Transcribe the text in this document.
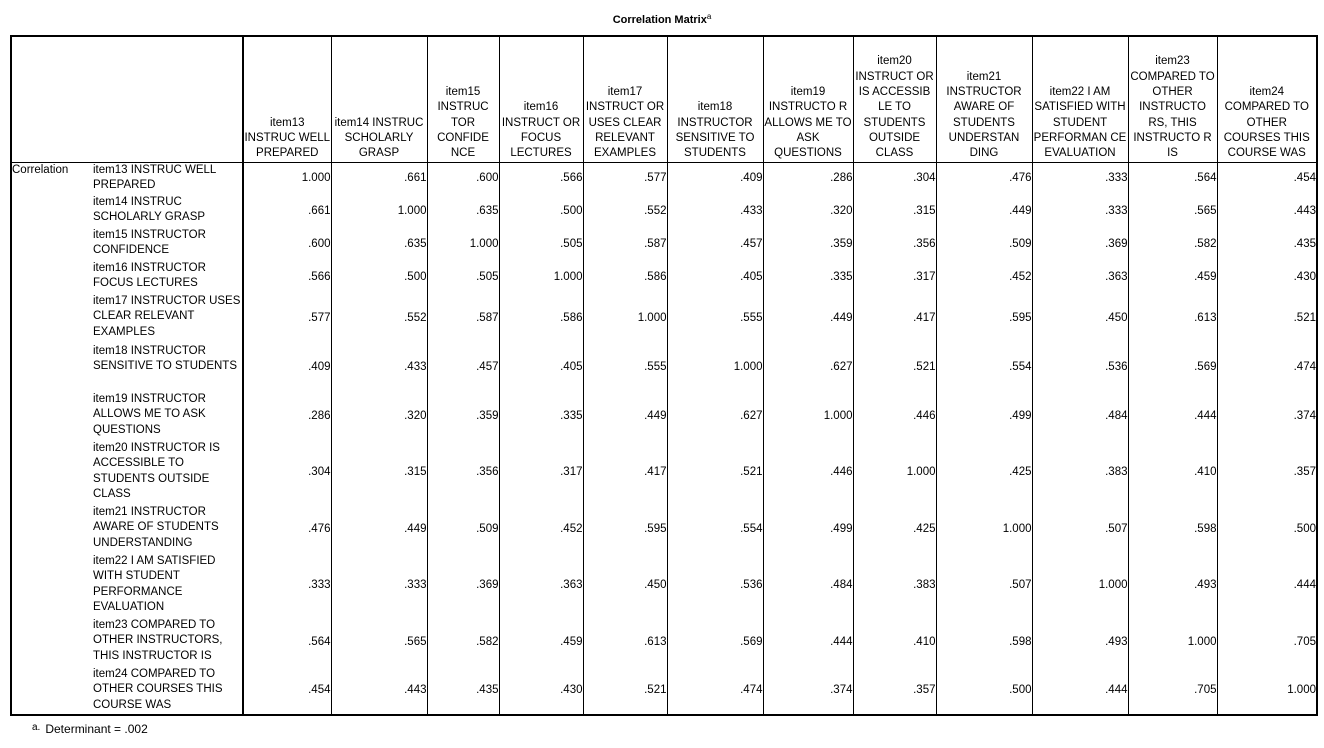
Correlation Matrix$^a$
		item13 INSTRUC WELL PREPARED	item14 INSTRUC SCHOLARLY GRASP	item15 INSTRUC TOR CONFIDE NCE	item16 INSTRUCT OR FOCUS LECTURES	item17 INSTRUCT OR USES CLEAR RELEVANT EXAMPLES	item18 INSTRUCTOR SENSITIVE TO STUDENTS	item19 INSTRUCTO R ALLOWS ME TO ASK QUESTIONS	item20 INSTRUCT OR IS ACCESSIB LE TO STUDENTS OUTSIDE CLASS	item21 INSTRUCTOR AWARE OF STUDENTS UNDERSTAN DING	item22 I AM SATISFIED WITH STUDENT PERFORMAN CE EVALUATION	item23 COMPARED TO OTHER INSTRUCTO RS, THIS INSTRUCTO R IS	item24 COMPARED TO OTHER COURSES THIS COURSE WAS
Correlation	item13 INSTRUC WELL PREPARED	1.000	.661	.600	.566	.577	.409	.286	.304	.476	.333	.564	.454
	item14 INSTRUC SCHOLARLY GRASP	.661	1.000	.635	.500	.552	.433	.320	.315	.449	.333	.565	.443
	item15 INSTRUCTOR CONFIDENCE	.600	.635	1.000	.505	.587	.457	.359	.356	.509	.369	.582	.435
	item16 INSTRUCTOR FOCUS LECTURES	.566	.500	.505	1.000	.586	.405	.335	.317	.452	.363	.459	.430
	item17 INSTRUCTOR USES CLEAR RELEVANT EXAMPLES	.577	.552	.587	.586	1.000	.555	.449	.417	.595	.450	.613	.521
	item18 INSTRUCTOR SENSITIVE TO STUDENTS	.409	.433	.457	.405	.555	1.000	.627	.521	.554	.536	.569	.474
	item19 INSTRUCTOR ALLOWS ME TO ASK QUESTIONS	.286	.320	.359	.335	.449	.627	1.000	.446	.499	.484	.444	.374
	item20 INSTRUCTOR IS ACCESSIBLE TO STUDENTS OUTSIDE CLASS	.304	.315	.356	.317	.417	.521	.446	1.000	.425	.383	.410	.357
	item21 INSTRUCTOR AWARE OF STUDENTS UNDERSTANDING	.476	.449	.509	.452	.595	.554	.499	.425	1.000	.507	.598	.500
	item22 I AM SATISFIED WITH STUDENT PERFORMANCE EVALUATION	.333	.333	.369	.363	.450	.536	.484	.383	.507	1.000	.493	.444
	item23 COMPARED TO OTHER INSTRUCTORS, THIS INSTRUCTOR IS	.564	.565	.582	.459	.613	.569	.444	.410	.598	.493	1.000	.705
	item24 COMPARED TO OTHER COURSES THIS COURSE WAS	.454	.443	.435	.430	.521	.474	.374	.357	.500	.444	.705	1.000
$^{a.}$ Determinant = .002
